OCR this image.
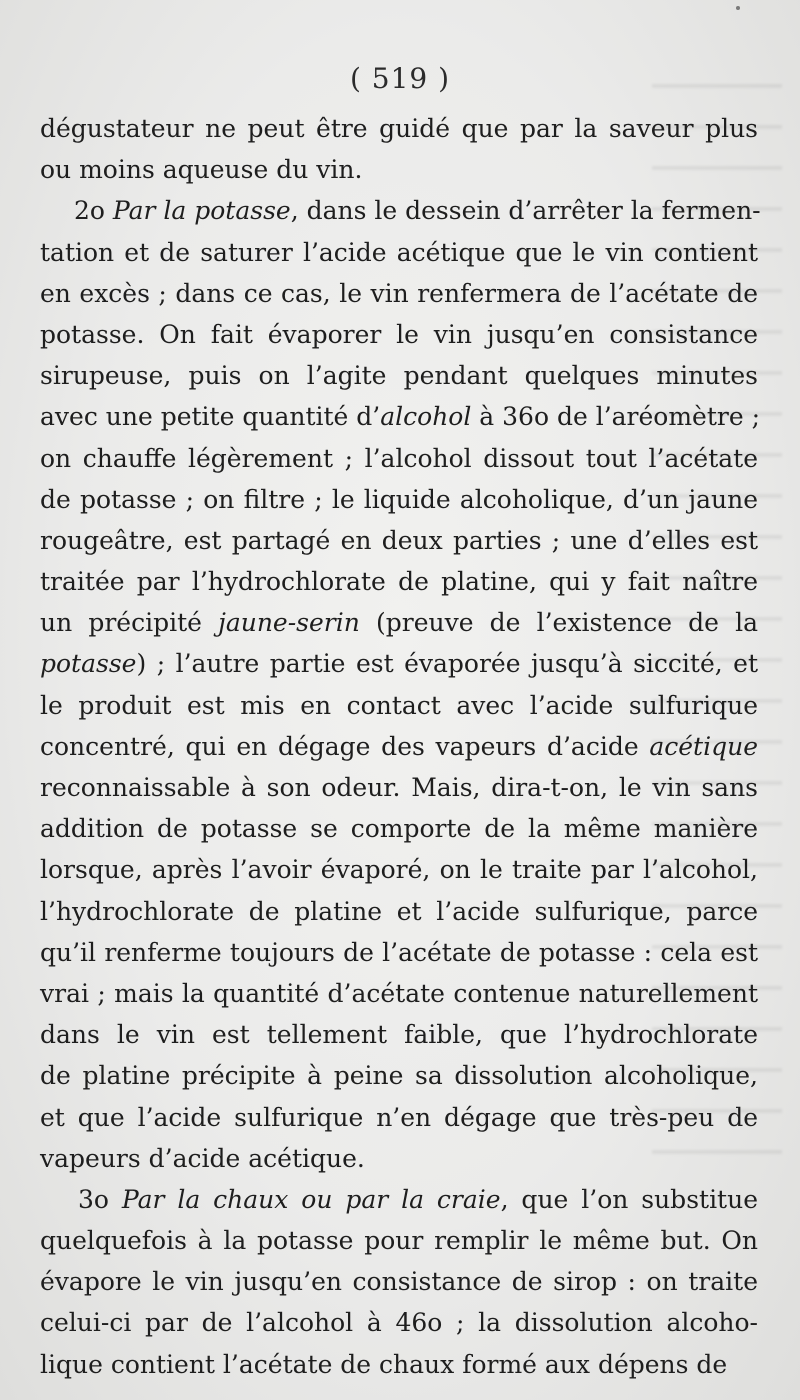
( 519 )
dégustateur ne peut être guidé que par la saveur plus
ou moins aqueuse du vin.
2o Par la potasse, dans le dessein d’arrêter la fermen-
tation et de saturer l’acide acétique que le vin contient
en excès ; dans ce cas, le vin renfermera de l’acétate de
potasse. On fait évaporer le vin jusqu’en consistance
sirupeuse, puis on l’agite pendant quelques minutes
avec une petite quantité d’alcohol à 36o de l’aréomètre ;
on chauffe légèrement ; l’alcohol dissout tout l’acétate
de potasse ; on filtre ; le liquide alcoholique, d’un jaune
rougeâtre, est partagé en deux parties ; une d’elles est
traitée par l’hydrochlorate de platine, qui y fait naître
un précipité jaune-serin (preuve de l’existence de la
potasse) ; l’autre partie est évaporée jusqu’à siccité, et
le produit est mis en contact avec l’acide sulfurique
concentré, qui en dégage des vapeurs d’acide acétique
reconnaissable à son odeur. Mais, dira-t-on, le vin sans
addition de potasse se comporte de la même manière
lorsque, après l’avoir évaporé, on le traite par l’alcohol,
l’hydrochlorate de platine et l’acide sulfurique, parce
qu’il renferme toujours de l’acétate de potasse : cela est
vrai ; mais la quantité d’acétate contenue naturellement
dans le vin est tellement faible, que l’hydrochlorate
de platine précipite à peine sa dissolution alcoholique,
et que l’acide sulfurique n’en dégage que très-peu de
vapeurs d’acide acétique.
3o Par la chaux ou par la craie, que l’on substitue
quelquefois à la potasse pour remplir le même but. On
évapore le vin jusqu’en consistance de sirop : on traite
celui-ci par de l’alcohol à 46o ; la dissolution alcoho-
lique contient l’acétate de chaux formé aux dépens de
